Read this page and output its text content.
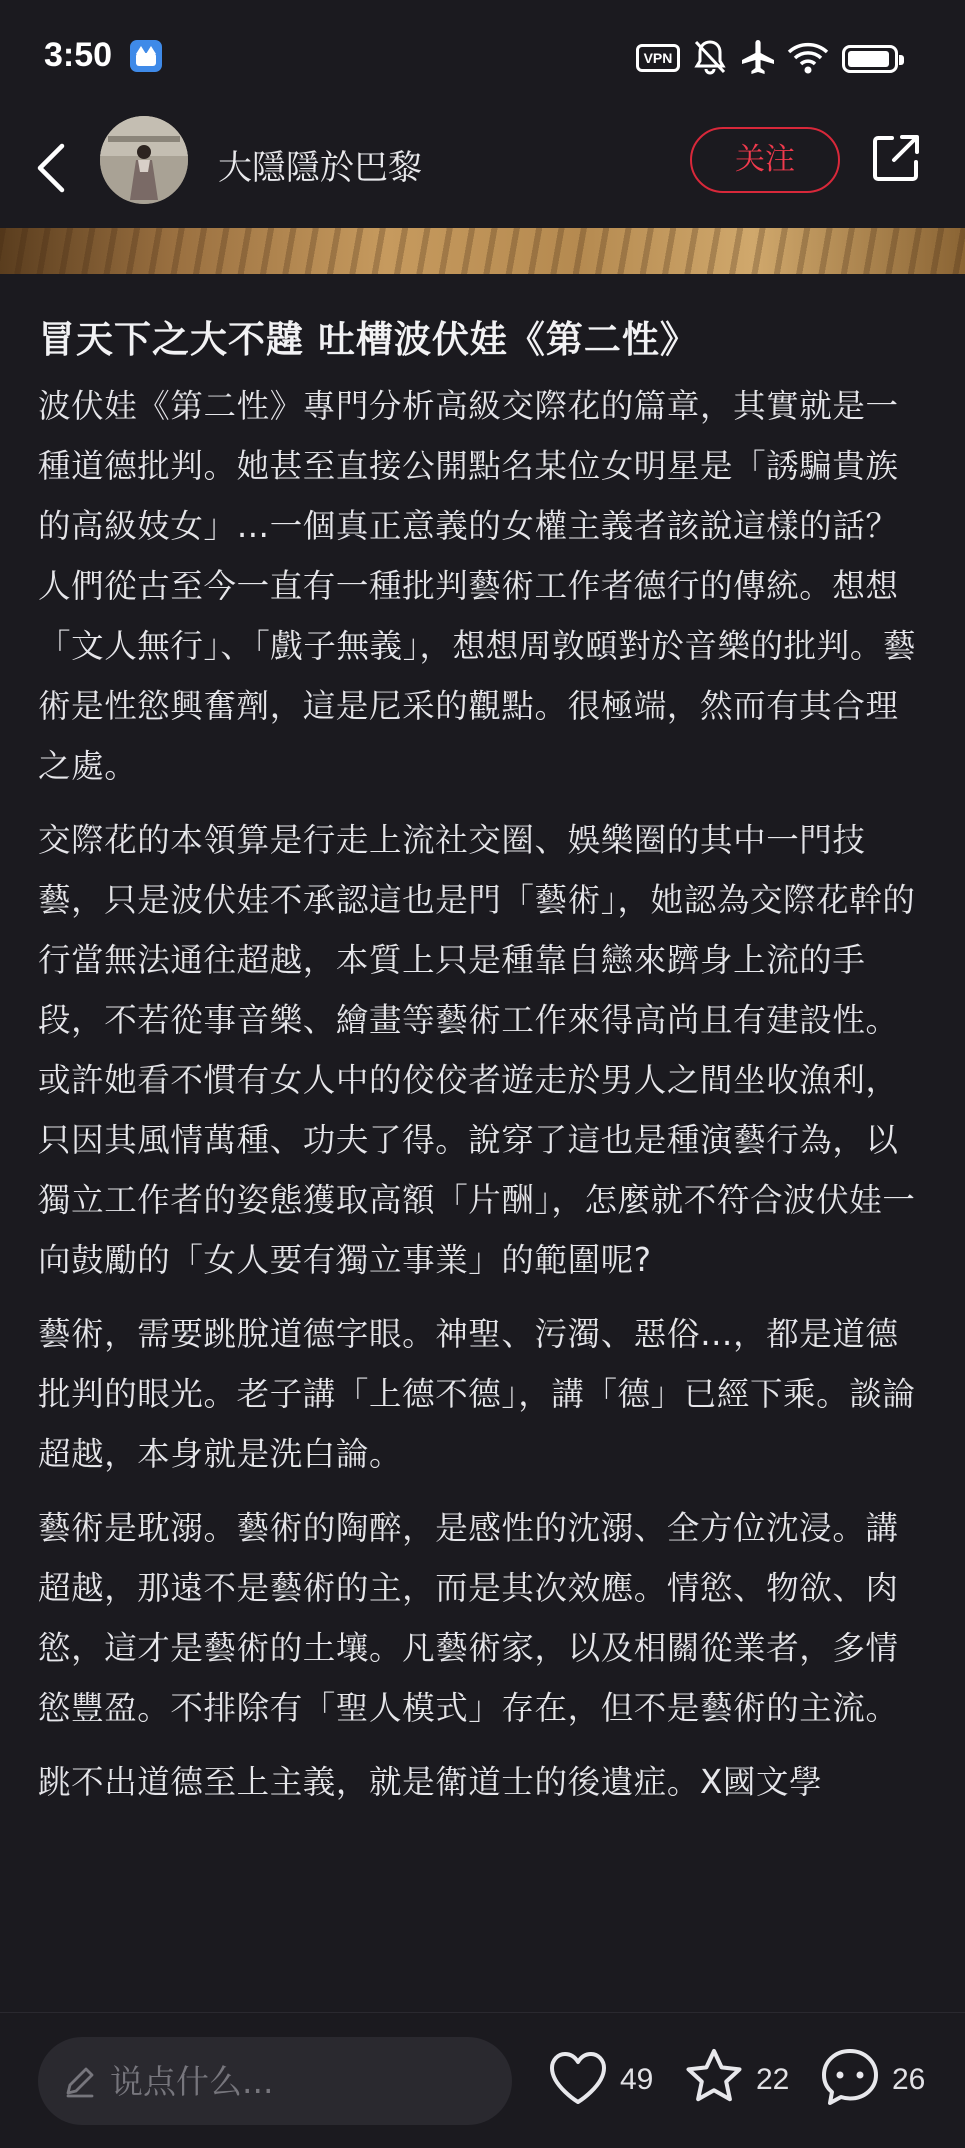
3:50	VPN
大隱隱於巴黎	关注
冒天下之大不韙 吐槽波伏娃《第二性》

波伏娃《第二性》專門分析高級交際花的篇章，其實就是一種道德批判。她甚至直接公開點名某位女明星是「誘騙貴族的高級妓女」…一個真正意義的女權主義者該說這樣的話？人們從古至今一直有一種批判藝術工作者德行的傳統。想想「文人無行」、「戲子無義」，想想周敦頤對於音樂的批判。藝術是性慾興奮劑，這是尼采的觀點。很極端，然而有其合理之處。

交際花的本領算是行走上流社交圈、娛樂圈的其中一門技藝，只是波伏娃不承認這也是門「藝術」，她認為交際花幹的行當無法通往超越，本質上只是種靠自戀來躋身上流的手段，不若從事音樂、繪畫等藝術工作來得高尚且有建設性。或許她看不慣有女人中的佼佼者遊走於男人之間坐收漁利，只因其風情萬種、功夫了得。說穿了這也是種演藝行為，以獨立工作者的姿態獲取高額「片酬」，怎麼就不符合波伏娃一向鼓勵的「女人要有獨立事業」的範圍呢?

藝術，需要跳脫道德字眼。神聖、污濁、惡俗…，都是道德批判的眼光。老子講「上德不德」，講「德」已經下乘。談論超越，本身就是洗白論。

藝術是耽溺。藝術的陶醉，是感性的沈溺、全方位沈浸。講超越，那遠不是藝術的主，而是其次效應。情慾、物欲、肉慾，這才是藝術的土壤。凡藝術家，以及相關從業者，多情慾豐盈。不排除有「聖人模式」存在，但不是藝術的主流。

跳不出道德至上主義，就是衛道士的後遺症。X國文學

说点什么...
49	22	26
